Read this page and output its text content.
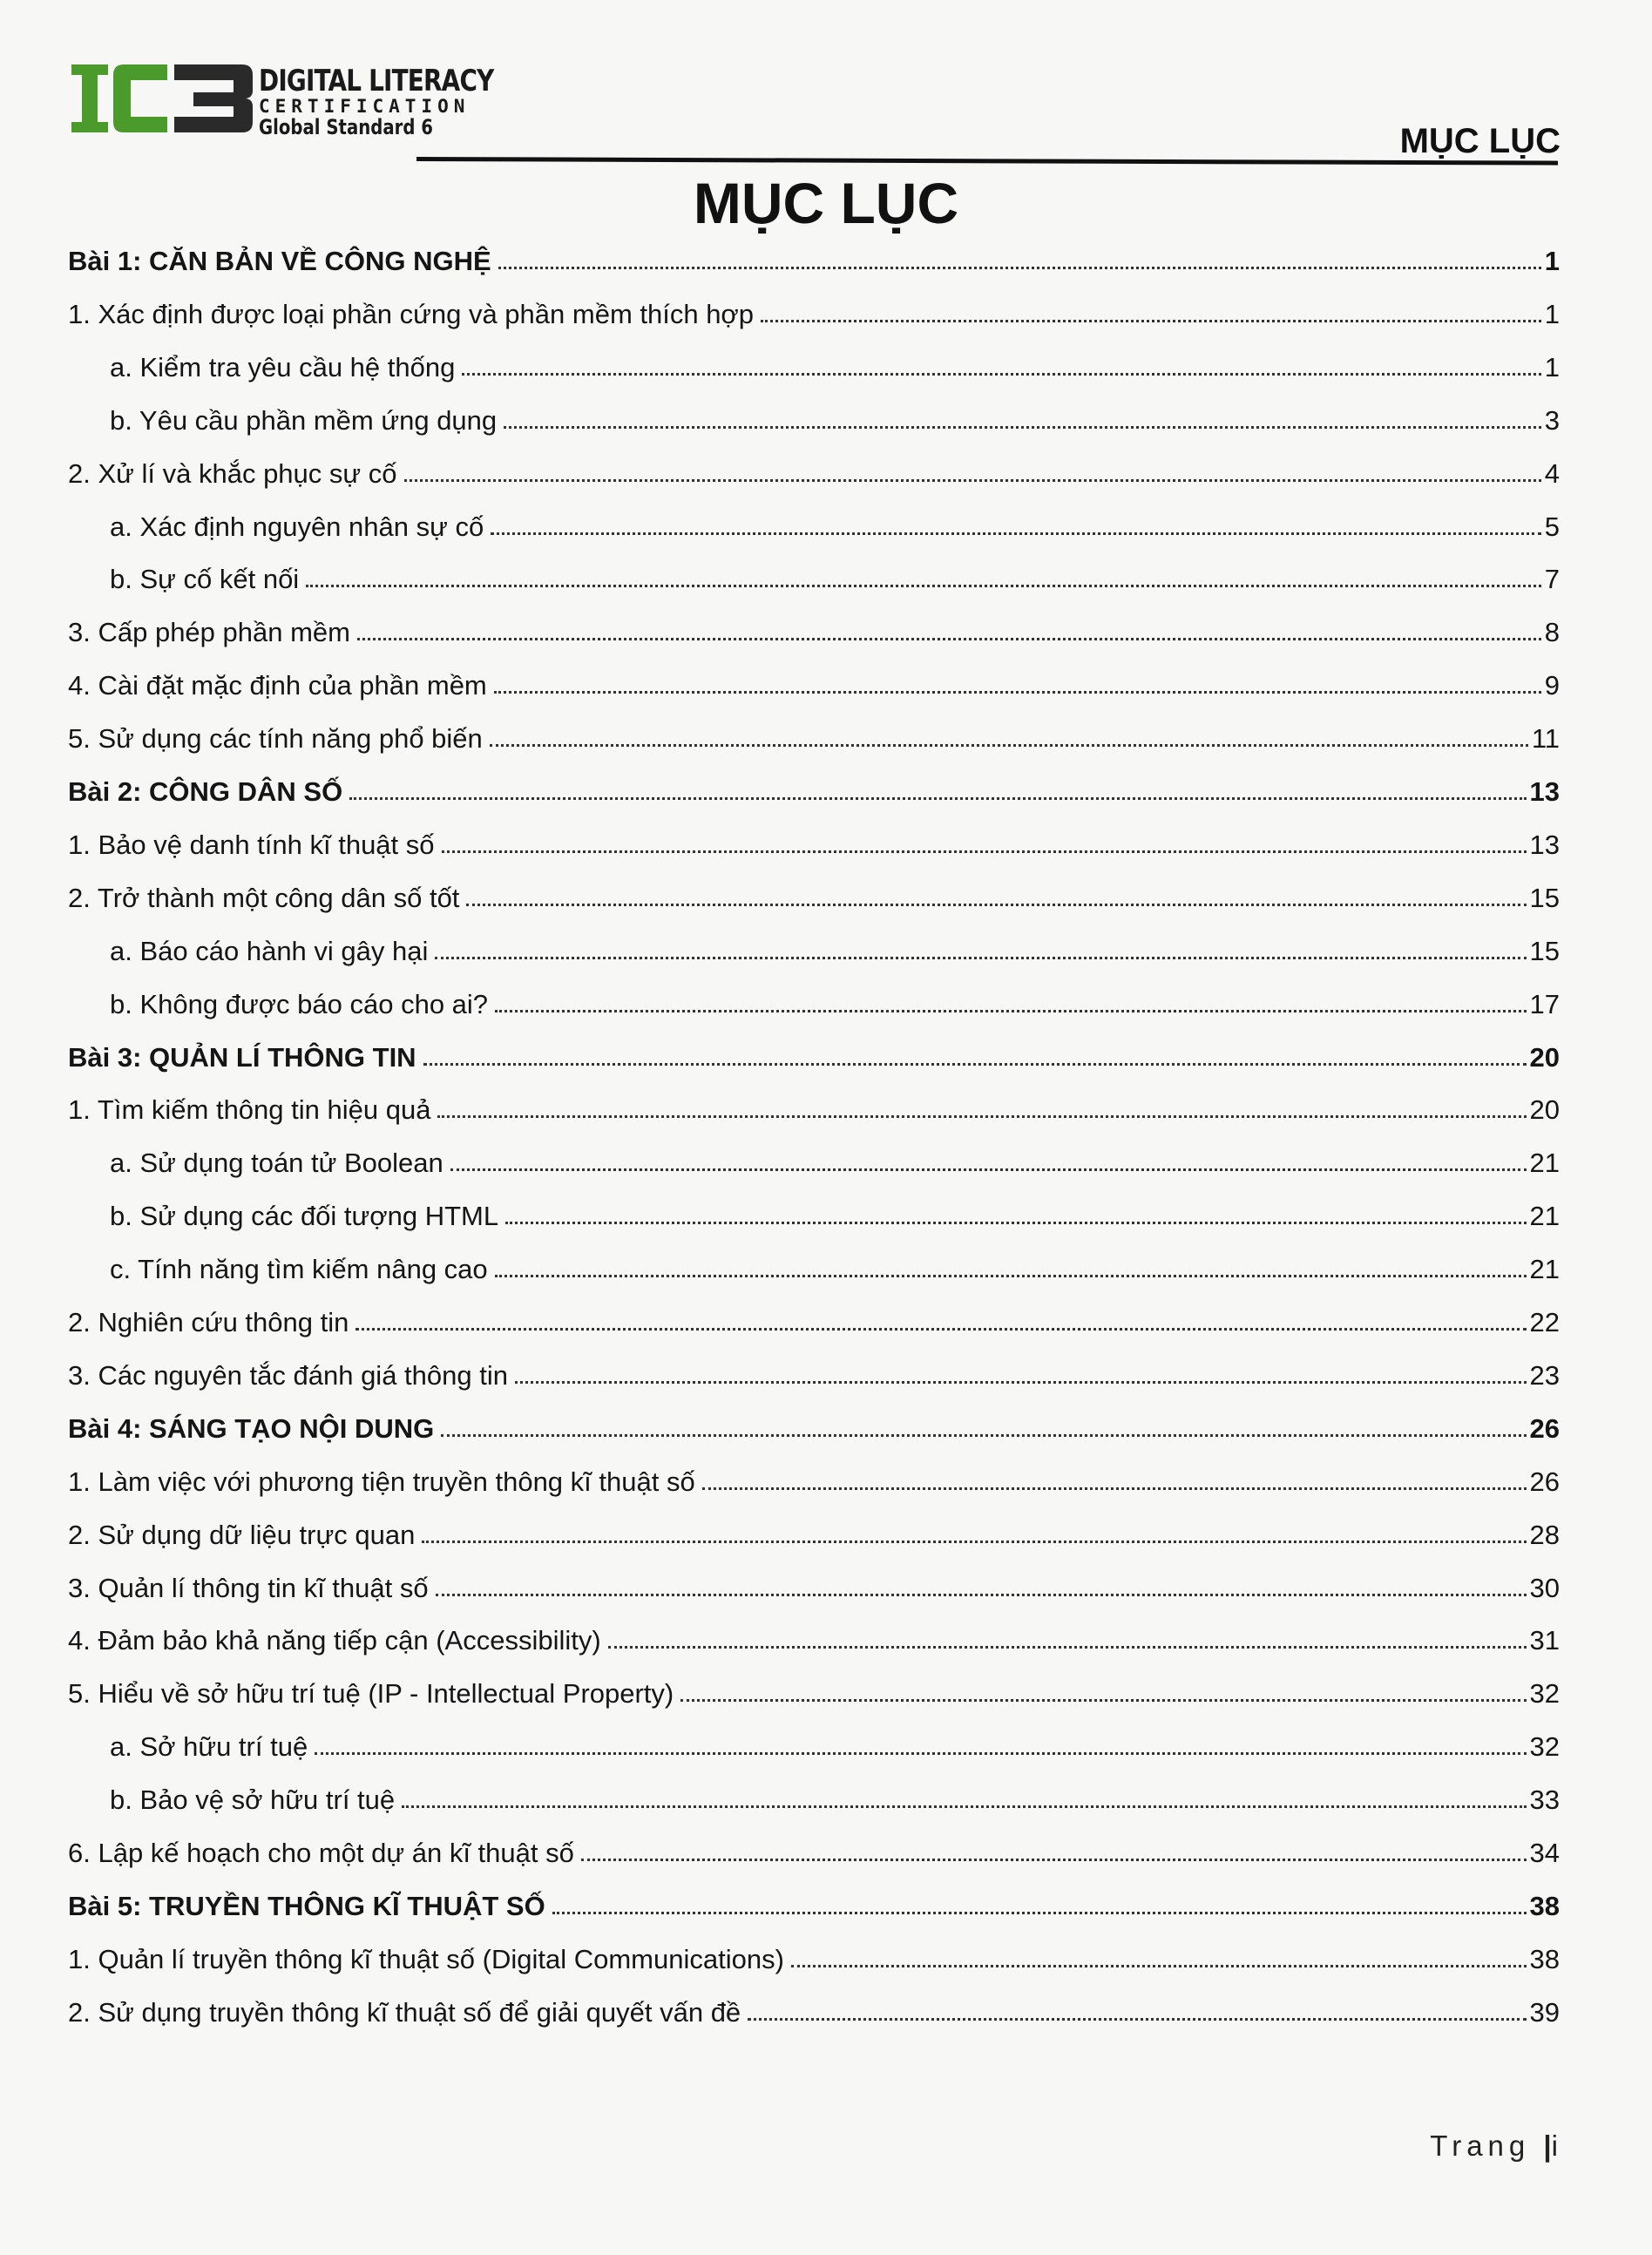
DIGITAL LITERACY
CERTIFICATION
Global Standard 6	MỤC LỤC
MỤC LỤC
Bài 1: CĂN BẢN VỀ CÔNG NGHỆ	1
1. Xác định được loại phần cứng và phần mềm thích hợp	1
a. Kiểm tra yêu cầu hệ thống	1
b. Yêu cầu phần mềm ứng dụng	3
2. Xử lí và khắc phục sự cố	4
a. Xác định nguyên nhân sự cố	5
b. Sự cố kết nối	7
3. Cấp phép phần mềm	8
4. Cài đặt mặc định của phần mềm	9
5. Sử dụng các tính năng phổ biến	11
Bài 2: CÔNG DÂN SỐ	13
1. Bảo vệ danh tính kĩ thuật số	13
2. Trở thành một công dân số tốt	15
a. Báo cáo hành vi gây hại	15
b. Không được báo cáo cho ai?	17
Bài 3: QUẢN LÍ THÔNG TIN	20
1. Tìm kiếm thông tin hiệu quả	20
a. Sử dụng toán tử Boolean	21
b. Sử dụng các đối tượng HTML	21
c. Tính năng tìm kiếm nâng cao	21
2. Nghiên cứu thông tin	22
3. Các nguyên tắc đánh giá thông tin	23
Bài 4: SÁNG TẠO NỘI DUNG	26
1. Làm việc với phương tiện truyền thông kĩ thuật số	26
2. Sử dụng dữ liệu trực quan	28
3. Quản lí thông tin kĩ thuật số	30
4. Đảm bảo khả năng tiếp cận (Accessibility)	31
5. Hiểu về sở hữu trí tuệ (IP - Intellectual Property)	32
a. Sở hữu trí tuệ	32
b. Bảo vệ sở hữu trí tuệ	33
6. Lập kế hoạch cho một dự án kĩ thuật số	34
Bài 5: TRUYỀN THÔNG KĨ THUẬT SỐ	38
1. Quản lí truyền thông kĩ thuật số (Digital Communications)	38
2. Sử dụng truyền thông kĩ thuật số để giải quyết vấn đề	39
Trang |i
